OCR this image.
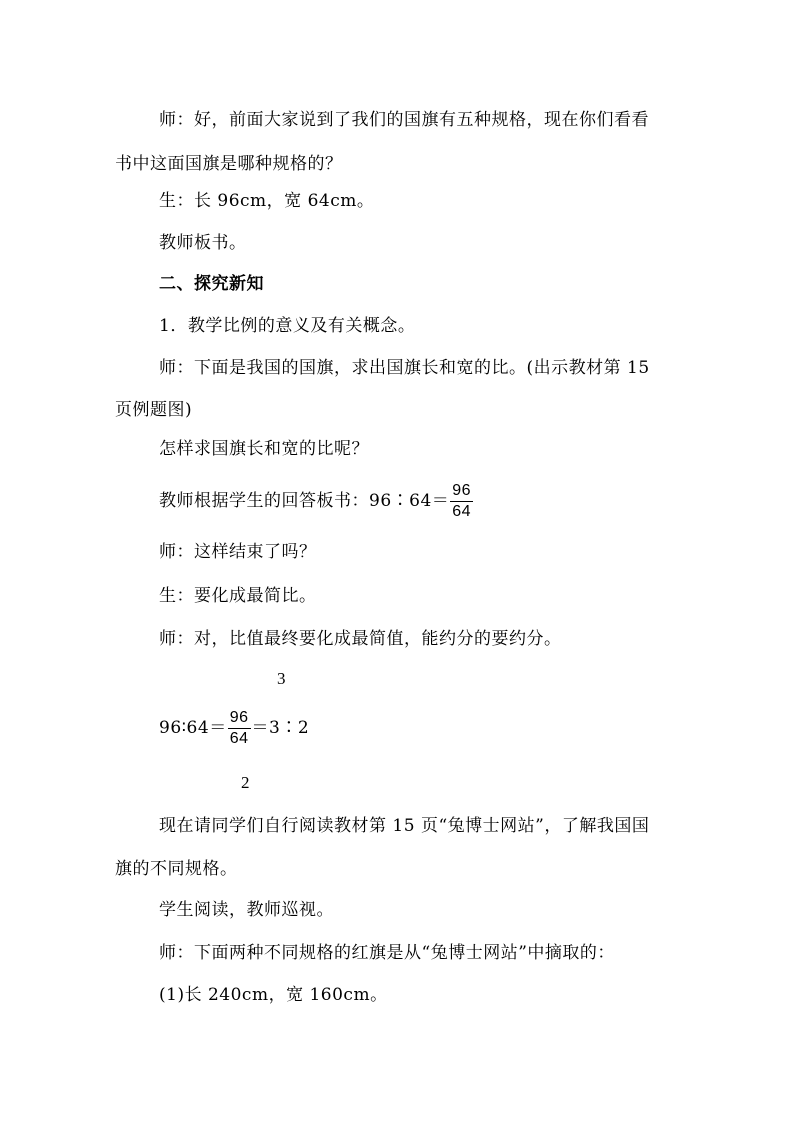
师：好，前面大家说到了我们的国旗有五种规格，现在你们看看
书中这面国旗是哪种规格的？
生：长 96cm，宽 64cm。
教师板书。
二、探究新知
1．教学比例的意义及有关概念。
师：下面是我国的国旗，求出国旗长和宽的比。(出示教材第 15
页例题图)
怎样求国旗长和宽的比呢？
教师根据学生的回答板书：96∶64＝ $\frac{96}{64}$
师：这样结束了吗？
生：要化成最简比。
师：对，比值最终要化成最简值，能约分的要约分。
3
96∶64＝ $\frac{96}{64}$ ＝3∶2
2
现在请同学们自行阅读教材第 15 页“兔博士网站”，了解我国国
旗的不同规格。
学生阅读，教师巡视。
师：下面两种不同规格的红旗是从“兔博士网站”中摘取的：
(1)长 240cm，宽 160cm。
